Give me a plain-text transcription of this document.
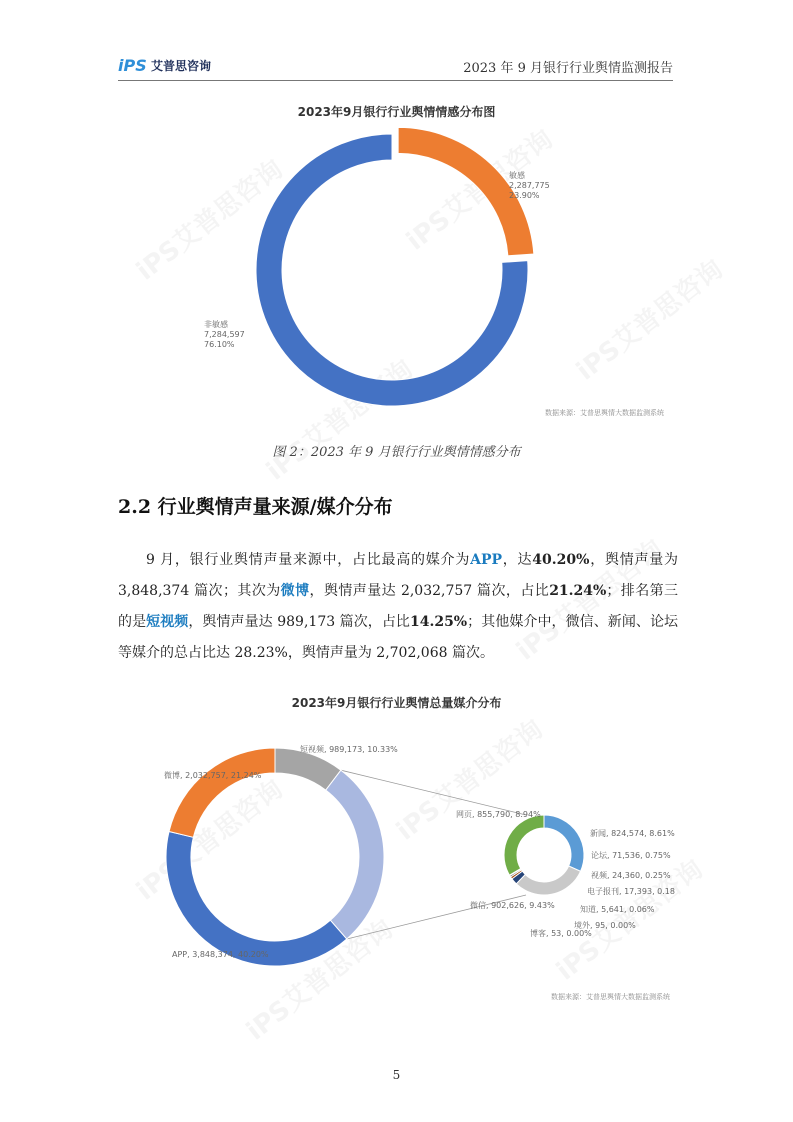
iPS 艾普思咨询	2023 年 9 月银行行业舆情监测报告
2023年9月银行行业舆情情感分布图
敏感
2,287,775
23.90%
非敏感
7,284,597
76.10%
数据来源：艾普思舆情大数据监测系统
图 2：2023 年 9 月银行行业舆情情感分布
2.2 行业舆情声量来源/媒介分布

9 月，银行业舆情声量来源中，占比最高的媒介为APP，达40.20%，舆情声量为 3,848,374 篇次；其次为微博，舆情声量达 2,032,757 篇次，占比21.24%；排名第三的是短视频，舆情声量达 989,173 篇次，占比14.25%；其他媒介中，微信、新闻、论坛等媒介的总占比达 28.23%，舆情声量为 2,702,068 篇次。

2023年9月银行行业舆情总量媒介分布
短视频, 989,173, 10.33%
微博, 2,032,757, 21.24%
APP, 3,848,374, 40.20%
网页, 855,790, 8.94%
新闻, 824,574, 8.61%
论坛, 71,536, 0.75%
视频, 24,360, 0.25%
电子报刊, 17,393, 0.18
知道, 5,641, 0.06%
境外, 95, 0.00%
微信, 902,626, 9.43%
博客, 53, 0.00%
数据来源：艾普思舆情大数据监测系统
5
